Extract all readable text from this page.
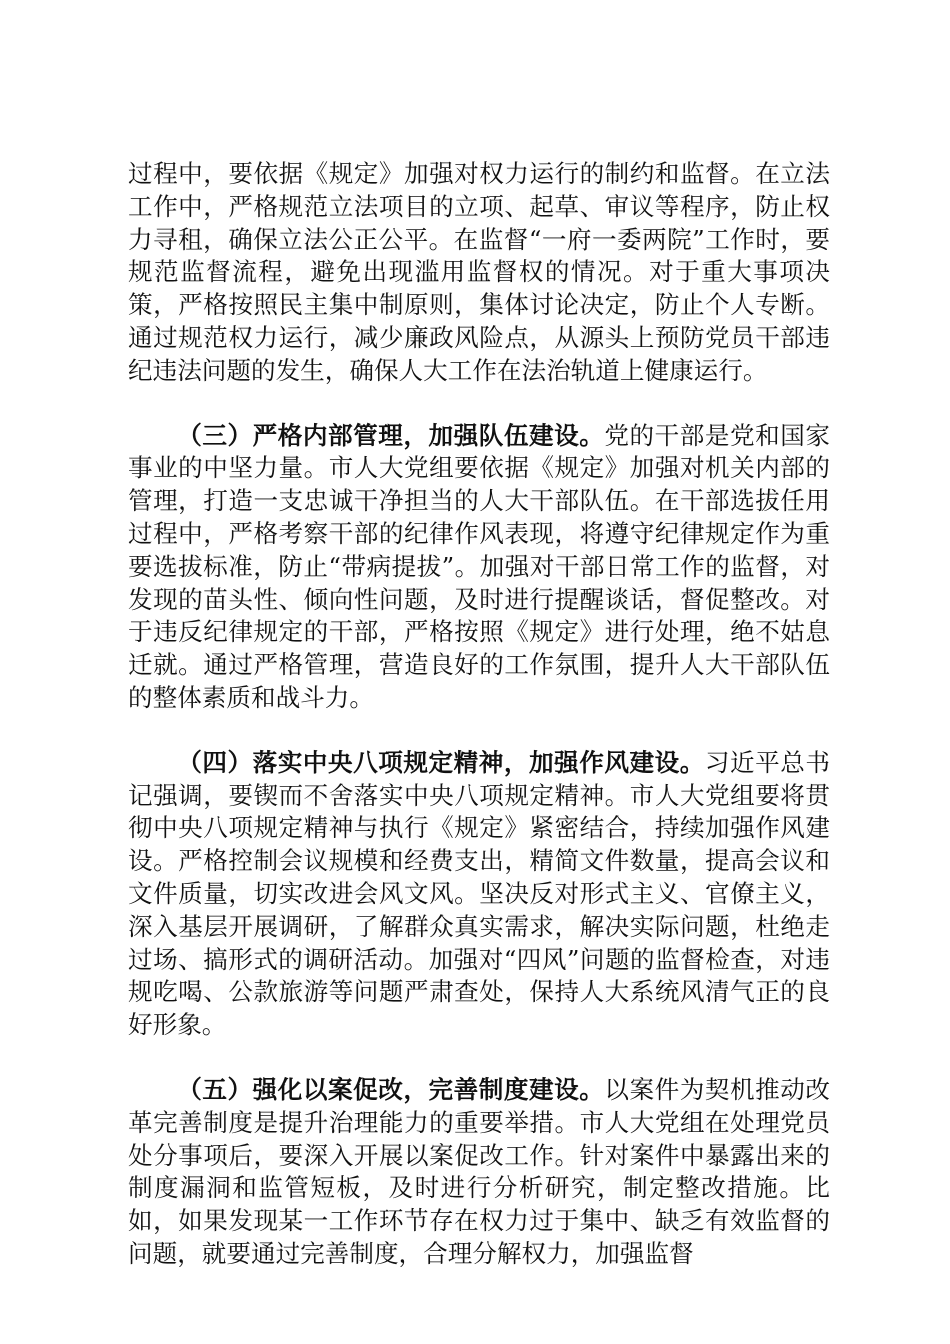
过程中，要依据《规定》加强对权力运行的制约和监督。在立法工作中，严格规范立法项目的立项、起草、审议等程序，防止权力寻租，确保立法公正公平。在监督“一府一委两院”工作时，要规范监督流程，避免出现滥用监督权的情况。对于重大事项决策，严格按照民主集中制原则，集体讨论决定，防止个人专断。通过规范权力运行，减少廉政风险点，从源头上预防党员干部违纪违法问题的发生，确保人大工作在法治轨道上健康运行。

（三）严格内部管理，加强队伍建设。党的干部是党和国家事业的中坚力量。市人大党组要依据《规定》加强对机关内部的管理，打造一支忠诚干净担当的人大干部队伍。在干部选拔任用过程中，严格考察干部的纪律作风表现，将遵守纪律规定作为重要选拔标准，防止“带病提拔”。加强对干部日常工作的监督，对发现的苗头性、倾向性问题，及时进行提醒谈话，督促整改。对于违反纪律规定的干部，严格按照《规定》进行处理，绝不姑息迁就。通过严格管理，营造良好的工作氛围，提升人大干部队伍的整体素质和战斗力。

（四）落实中央八项规定精神，加强作风建设。习近平总书记强调，要锲而不舍落实中央八项规定精神。市人大党组要将贯彻中央八项规定精神与执行《规定》紧密结合，持续加强作风建设。严格控制会议规模和经费支出，精简文件数量，提高会议和文件质量，切实改进会风文风。坚决反对形式主义、官僚主义，深入基层开展调研，了解群众真实需求，解决实际问题，杜绝走过场、搞形式的调研活动。加强对“四风”问题的监督检查，对违规吃喝、公款旅游等问题严肃查处，保持人大系统风清气正的良好形象。

（五）强化以案促改，完善制度建设。以案件为契机推动改革完善制度是提升治理能力的重要举措。市人大党组在处理党员处分事项后，要深入开展以案促改工作。针对案件中暴露出来的制度漏洞和监管短板，及时进行分析研究，制定整改措施。比如，如果发现某一工作环节存在权力过于集中、缺乏有效监督的问题，就要通过完善制度，合理分解权力，加强监督
